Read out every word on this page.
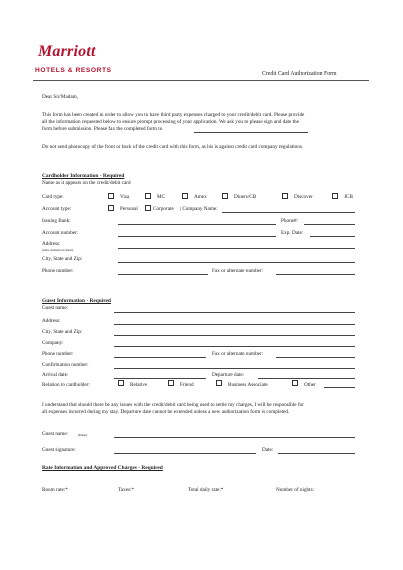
Marriott
HOTELS & RESORTS	Credit Card Authorization Form
Dear Sir/Madam,
This form has been created in order to allow you to have third party expenses charged to your credit/debit card. Please provide
all the information requested below to ensure prompt processing of your application. We ask you to please sign and date the
form before submission. Please fax the completed form to
Do not send photocopy of the front or back of the credit card with this form, as his is against credit card company regulations.
Cardholder Information - Required
Name as it appears on the credit/debit card
Card type:	Visa	MC	Amex	Diners/CB	Discover	JCB
Account type:	Personal	Corporate | Company Name:
Issuing Bank:	Phone#:
Account number:	Exp. Date:
Address:
(where statements are mailed)
City, State and Zip:
Phone number:	Fax or alternate number:
Guest Information - Required
Guest name:
Address:
City, State and Zip:
Company:
Phone number:	Fax or alternate number:
Confirmation number:
Arrival date:	Departure date:
Relation to cardholder:	Relative	Friend	Business Associate	Other
I understand that should there be any issues with the credit/debit card being used to settle my charges, I will be responsible for
all expenses incurred during my stay. Departure date cannot be extended unless a new authorization form is completed.
Guest name:	(Printed)
Guest signature:	Date:
Rate Information and Approved Charges - Required
Room rate:*	Taxes:*	Total daily rate:*	Number of nights:
